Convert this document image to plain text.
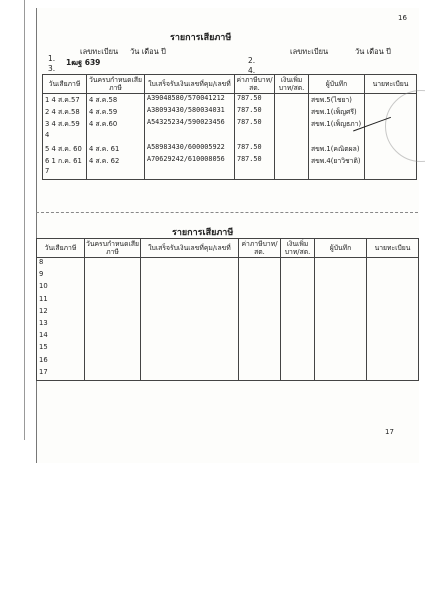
16
รายการเสียภาษี
เลขทะเบียน วัน เดือน ปี	เลขทะเบียน	วัน เดือน ปี
1.
3.
1ฒฐ 639	2.
4.
วันเสียภาษี	วันครบกำหนดเสียภาษี	ใบเสร็จรับเงินเลขที่คุม/เลขที่	ค่าภาษีบาท/สต.	เงินเพิ่มบาท/สต.	ผู้บันทึก	นายทะเบียน
1 4 ส.ค.57	4 ส.ค.58	A39048580/570041212	787.50		สขพ.5(ไชยา)	
2 4 ส.ค.58	4 ส.ค.59	A38093430/580034031	787.50		สขพ.1(เพ็ญศรี)	
3 4 ส.ค.59	4 ส.ค.60	A54325234/590023456	787.50		สขพ.1(เพ็ญธภา)	
4						
5 4 ส.ค. 60	4 ส.ค. 61	A58983430/600005922	787.50		สขพ.1(คณิตผล)	
6 1 ก.ค. 61	4 ส.ค. 62	A70629242/610008056	787.50		สขพ.4(ยาวิชาติ)	
7						
รายการเสียภาษี
วันเสียภาษี	วันครบกำหนดเสียภาษี	ใบเสร็จรับเงินเลขที่คุม/เลขที่	ค่าภาษีบาท/สต.	เงินเพิ่มบาท/สต.	ผู้บันทึก	นายทะเบียน
8						
9						
10						
11						
12						
13						
14						
15						
16						
17						
17
